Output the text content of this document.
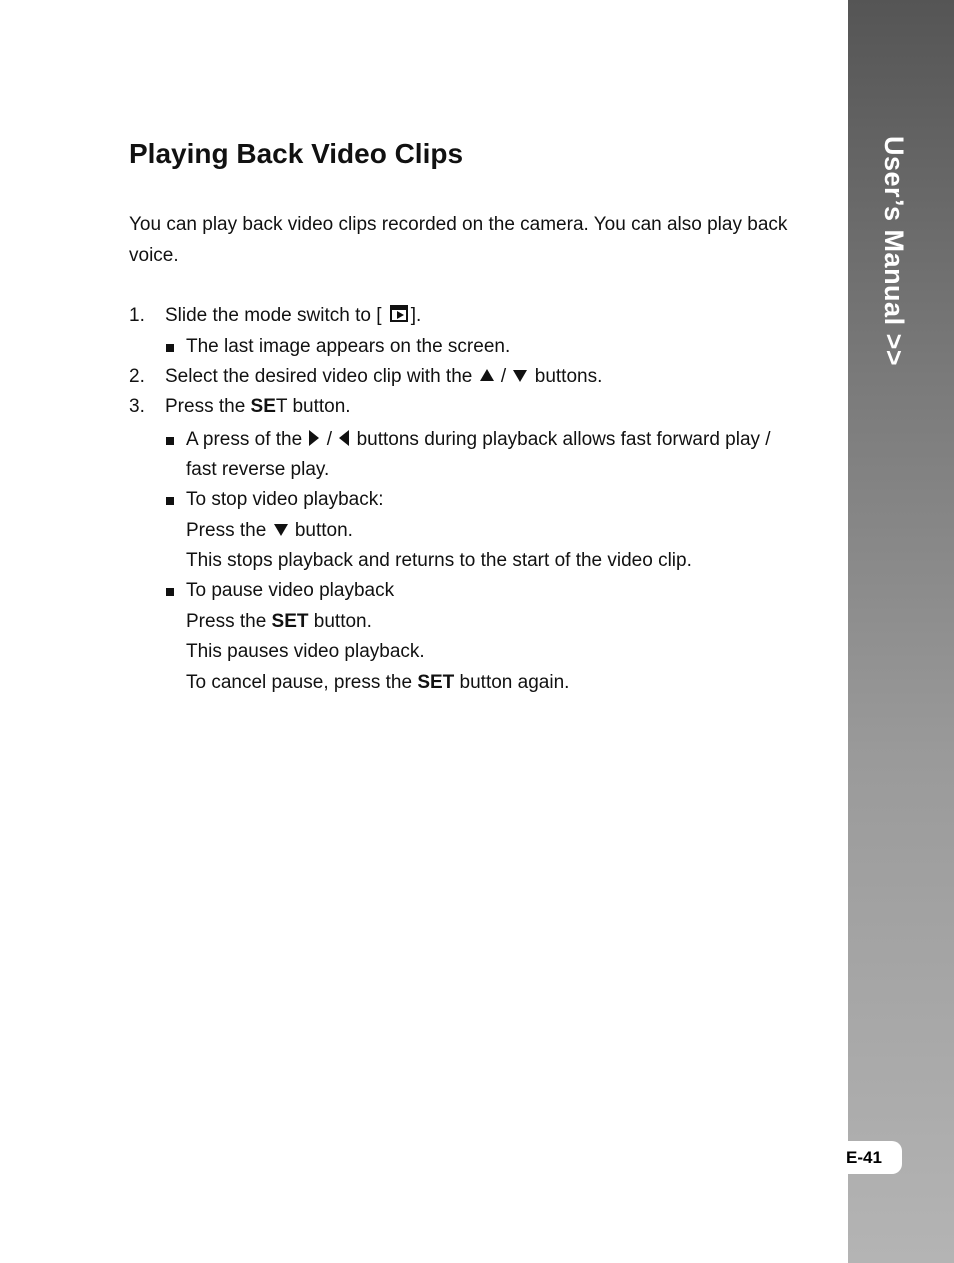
User’s Manual >>
E-41
Playing Back Video Clips

You can play back video clips recorded on the camera. You can also play back voice.

1. Slide the mode switch to [ ].
The last image appears on the screen.
2. Select the desired video clip with the / buttons.
3. Press the SET button.
A press of the / buttons during playback allows fast forward play /
fast reverse play.
To stop video playback:
Press the button.
This stops playback and returns to the start of the video clip.
To pause video playback
Press the SET button.
This pauses video playback.
To cancel pause, press the SET button again.
